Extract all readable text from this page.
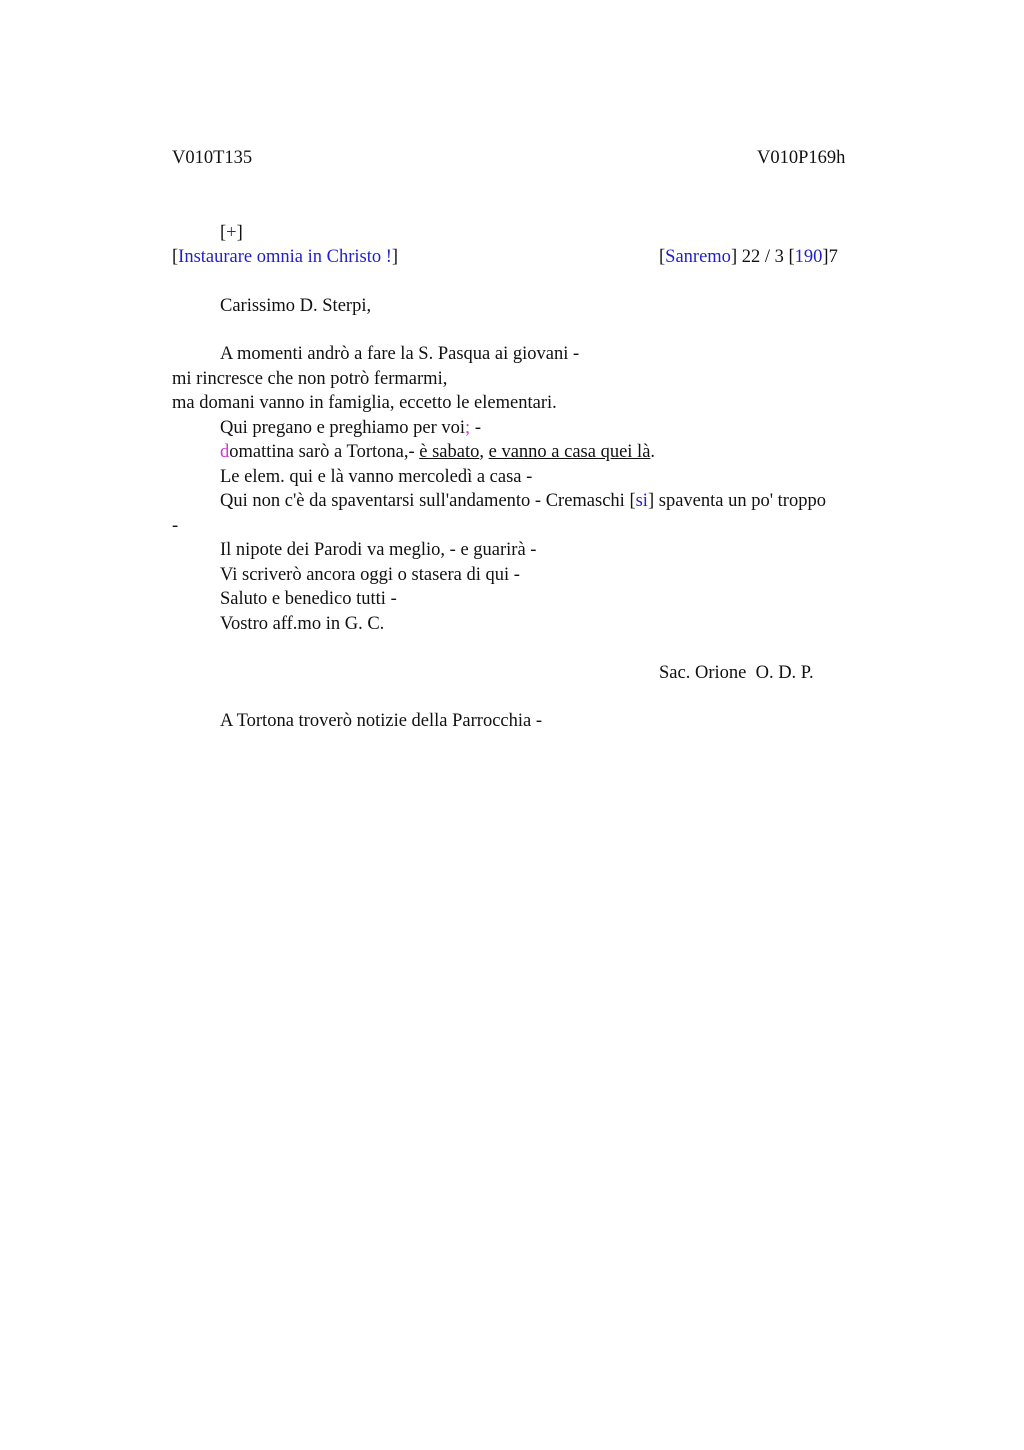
V010T135	V010P169h
[+]
[Instaurare omnia in Christo !]	[Sanremo] 22 / 3 [190]7
Carissimo D. Sterpi,
A momenti andrò a fare la S. Pasqua ai giovani -
mi rincresce che non potrò fermarmi,
ma domani vanno in famiglia, eccetto le elementari.
Qui pregano e preghiamo per voi; -
domattina sarò a Tortona,- è sabato, e vanno a casa quei là.
Le elem. qui e là vanno mercoledì a casa -
Qui non c'è da spaventarsi sull'andamento - Cremaschi [si] spaventa un po' troppo
-
Il nipote dei Parodi va meglio, - e guarirà -
Vi scriverò ancora oggi o stasera di qui -
Saluto e benedico tutti -
Vostro aff.mo in G. C.
Sac. Orione  O. D. P.
A Tortona troverò notizie della Parrocchia -
